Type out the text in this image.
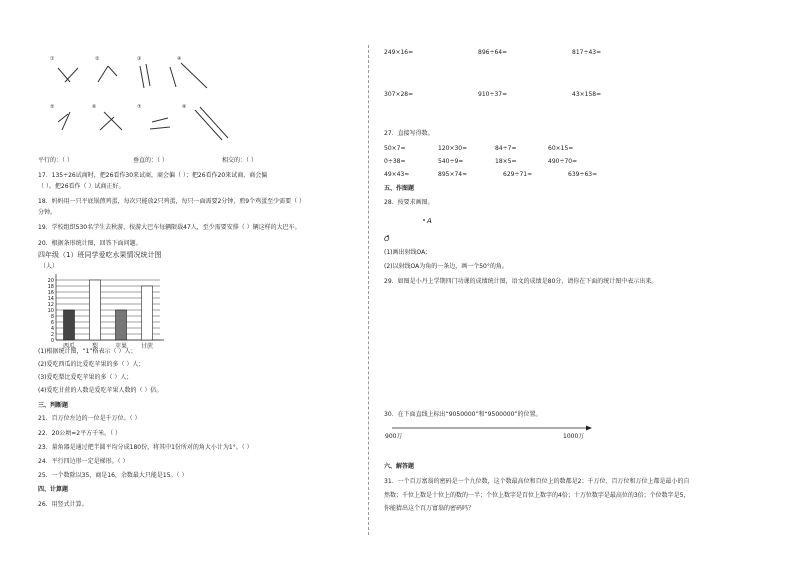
①	②	③	④
⑤	⑥	⑦	⑧
平行的：（ ）	垂直的：（ ）	相交的：（ ）
17．135÷26试商时，把26看作30来试商，商会偏（ ）；把26看作20来试商，商会偏
（ ）。把26看作（ ）试商正好。
18．妈妈用一只平底锅煎鸡蛋，每次只能放2只鸡蛋，每只一面需要2分钟，煎9个鸡蛋至少需要（ ）
分钟。
19．学校组织530名学生去秋游，按游大巴车每辆限载47人，至少需要安排（ ）辆这样的大巴车。
20．根据条形统计图，回答下面问题。
四年级（1）班同学爱吃水果情况统计图
（人）
20
18
16
14
12
10
8
6
4
2
0
西瓜	梨	苹果 甘蔗
(1)根据统计图，“1”格表示（ ）人；
(2)爱吃西瓜的比爱吃苹果的多（ ）人；
(3)爱吃梨比爱吃苹果的多（ ）人；
(4)爱吃甘蔗的人数是爱吃苹果人数的（ ）倍。
三、判断题
21．百万位左边的一位是千万位。（ ）
22．20公顷=2平方千米。（ ）
23．量角器是通过把半圆平均分成180份，将其中1份所对的角大小计为1°。（ ）
24．平行四边形一定是梯形。（ ）
25．一个数除以35，商是16，余数最大只能是15。（ ）
四、计算题
26．用竖式计算。
249×16=	896÷64=	817÷43=
307×28=	910÷37=	43×158=
27．直接写得数。
50×7=	120×30=	84÷7=	60×15=
0÷38=	540÷9=	18×5=	490÷70=
49×43≈	895×74≈	629÷71≈	639÷63≈
五、作图题
28．按要求画图。
A
O
(1)画出射线OA;
(2)以射线OA为角的一条边，画一个50°的角。
29．如图是小丹上学期四门功课的成绩统计图，语文的成绩是80分，请你在下面的统计图中表示出来。
30．在下面直线上标出“9050000”和“9500000”的位置。
900万	1000万
六、解答题
31．一个百万富翁的密码是一个九位数，这个数最高位和百位上的数都是2；千万位、百万位和万位上都是最小的自
然数；千位上数是十位上的数的一半；个位上数字是百位上数字的4倍；十万位数字是最高位的3倍；个位数字是5，
你能猜出这个百万富翁的密码吗？
